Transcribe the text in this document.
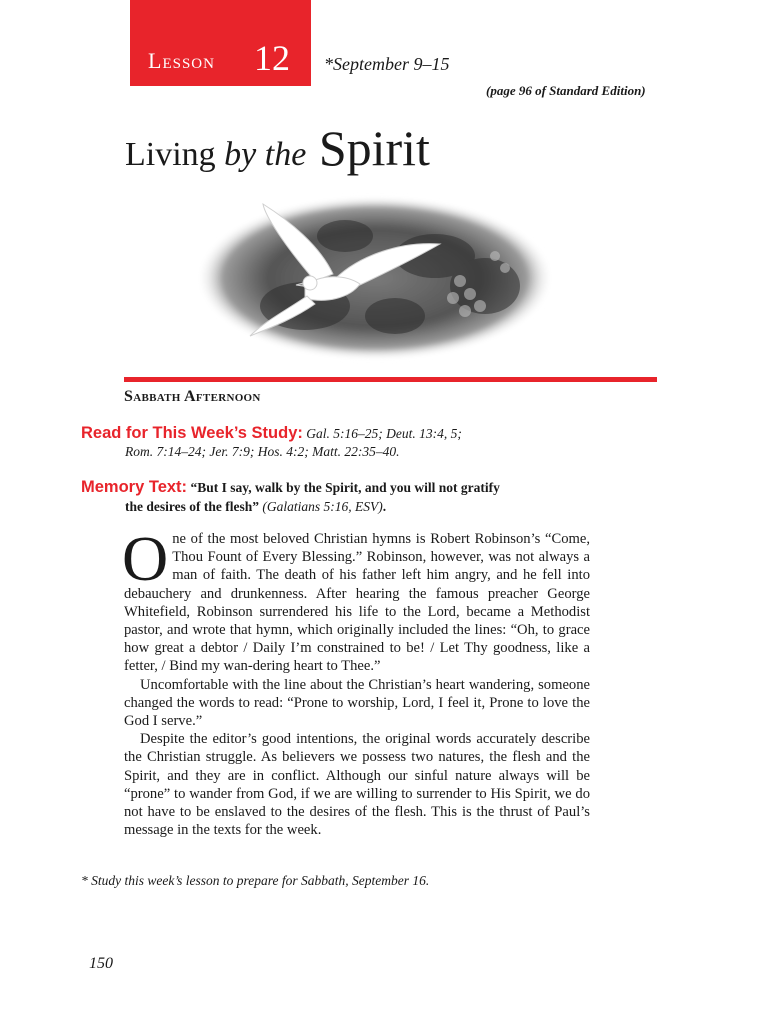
Lesson 12 *September 9–15
(page 96 of Standard Edition)
Living by the Spirit
Sabbath Afternoon
Read for This Week’s Study: Gal. 5:16–25; Deut. 13:4, 5;
Rom. 7:14–24; Jer. 7:9; Hos. 4:2; Matt. 22:35–40.
Memory Text: “But I say, walk by the Spirit, and you will not gratify
the desires of the flesh” (Galatians 5:16, ESV).

One of the most beloved Christian hymns is Robert Robinson’s “Come, Thou Fount of Every Blessing.” Robinson, however, was not always a man of faith. The death of his father left him angry, and he fell into debauchery and drunkenness. After hearing the famous preacher George Whitefield, Robinson surrendered his life to the Lord, became a Methodist pastor, and wrote that hymn, which originally included the lines: “Oh, to grace how great a debtor / Daily I’m constrained to be! / Let Thy goodness, like a fetter, / Bind my wan-dering heart to Thee.”

Uncomfortable with the line about the Christian’s heart wandering, someone changed the words to read: “Prone to worship, Lord, I feel it, Prone to love the God I serve.”

Despite the editor’s good intentions, the original words accurately describe the Christian struggle. As believers we possess two natures, the flesh and the Spirit, and they are in conflict. Although our sinful nature always will be “prone” to wander from God, if we are willing to surrender to His Spirit, we do not have to be enslaved to the desires of the flesh. This is the thrust of Paul’s message in the texts for the week.

* Study this week’s lesson to prepare for Sabbath, September 16.
150
